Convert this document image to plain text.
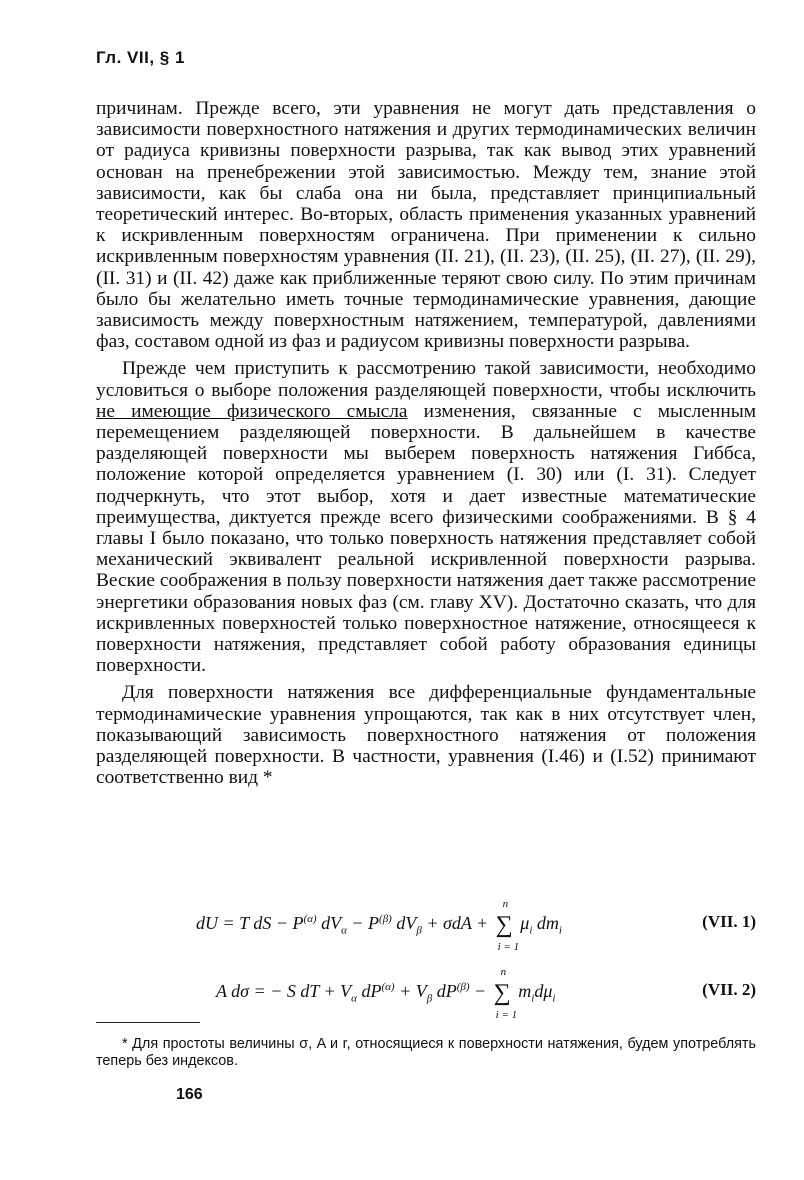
Гл. VII, § 1

причинам. Прежде всего, эти уравнения не могут дать представления о зависимости поверхностного натяжения и других термодинамических величин от радиуса кривизны поверхности разрыва, так как вывод этих уравнений основан на пренебрежении этой зависимостью. Между тем, знание этой зависимости, как бы слаба она ни была, представляет принципиальный теоретический интерес. Во-вторых, область применения указанных уравнений к искривленным поверхностям ограничена. При применении к сильно искривленным поверхностям уравнения (II. 21), (II. 23), (II. 25), (II. 27), (II. 29), (II. 31) и (II. 42) даже как приближенные теряют свою силу. По этим причинам было бы желательно иметь точные термодинамические уравнения, дающие зависимость между поверхностным натяжением, температурой, давлениями фаз, составом одной из фаз и радиусом кривизны поверхности разрыва.

Прежде чем приступить к рассмотрению такой зависимости, необходимо условиться о выборе положения разделяющей поверхности, чтобы исключить не имеющие физического смысла изменения, связанные с мысленным перемещением разделяющей поверхности. В дальнейшем в качестве разделяющей поверхности мы выберем поверхность натяжения Гиббса, положение которой определяется уравнением (I. 30) или (I. 31). Следует подчеркнуть, что этот выбор, хотя и дает известные математические преимущества, диктуется прежде всего физическими соображениями. В § 4 главы I было показано, что только поверхность натяжения представляет собой механический эквивалент реальной искривленной поверхности разрыва. Веские соображения в пользу поверхности натяжения дает также рассмотрение энергетики образования новых фаз (см. главу XV). Достаточно сказать, что для искривленных поверхностей только поверхностное натяжение, относящееся к поверхности натяжения, представляет собой работу образования единицы поверхности.

Для поверхности натяжения все дифференциальные фундаментальные термодинамические уравнения упрощаются, так как в них отсутствует член, показывающий зависимость поверхностного натяжения от положения разделяющей поверхности. В частности, уравнения (I.46) и (I.52) принимают соответственно вид *

dU = T dS − $P^{(\alpha)}$ $dV_\alpha - P^{(\beta)}$ $dV_\beta + \sigma dA$ + ∑
n
i = 1
$\mu_i$ $dm_i$	(VII. 1)
A dσ = − S dT + $V_\alpha$ $dP^{(\alpha)} + V_\beta$ $dP^{(\beta)}$ − ∑
n
i = 1
$m_id\mu_i$	(VII. 2)

* Для простоты величины σ, A и r, относящиеся к поверхности натяжения, будем употреблять теперь без индексов.

166
